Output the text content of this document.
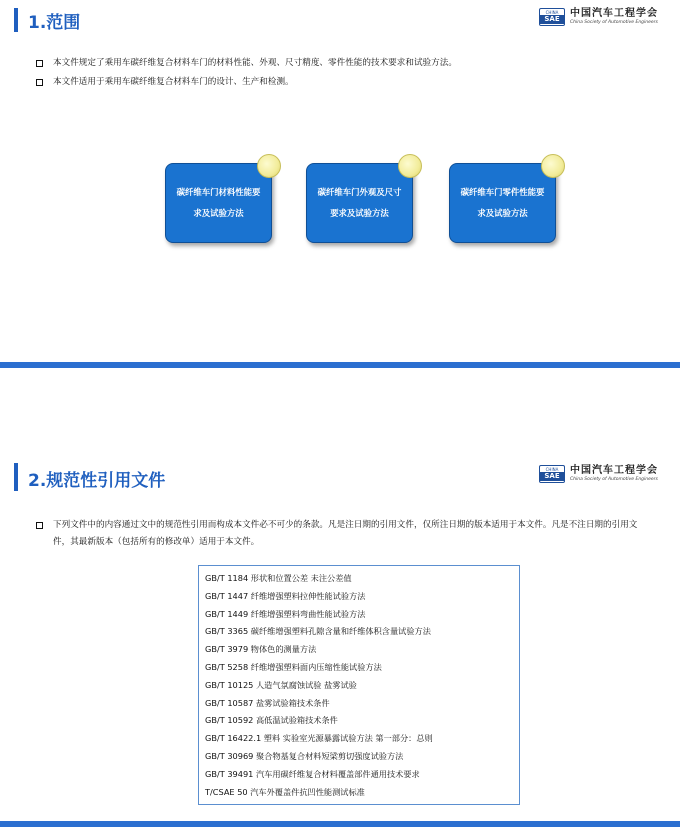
1.范围
CHINA
SAE	中国汽车工程学会
China Society of Automotive Engineers
本文件规定了乘用车碳纤维复合材料车门的材料性能、外观、尺寸精度、零件性能的技术要求和试验方法。
本文件适用于乘用车碳纤维复合材料车门的设计、生产和检测。
碳纤维车门材料性能要求及试验方法
碳纤维车门外观及尺寸要求及试验方法
碳纤维车门零件性能要求及试验方法
2.规范性引用文件
CHINA
SAE	中国汽车工程学会
China Society of Automotive Engineers
下列文件中的内容通过文中的规范性引用而构成本文件必不可少的条款。凡是注日期的引用文件，仅所注日期的版本适用于本文件。凡是不注日期的引用文件，其最新版本（包括所有的修改单）适用于本文件。
GB/T 1184 形状和位置公差 未注公差值
GB/T 1447 纤维增强塑料拉伸性能试验方法
GB/T 1449 纤维增强塑料弯曲性能试验方法
GB/T 3365 碳纤维增强塑料孔隙含量和纤维体积含量试验方法
GB/T 3979 物体色的测量方法
GB/T 5258 纤维增强塑料面内压缩性能试验方法
GB/T 10125 人造气氛腐蚀试验 盐雾试验
GB/T 10587 盐雾试验箱技术条件
GB/T 10592 高低温试验箱技术条件
GB/T 16422.1 塑料 实验室光源暴露试验方法 第一部分：总则
GB/T 30969 聚合物基复合材料短梁剪切强度试验方法
GB/T 39491 汽车用碳纤维复合材料覆盖部件通用技术要求
T/CSAE 50 汽车外覆盖件抗凹性能测试标准
